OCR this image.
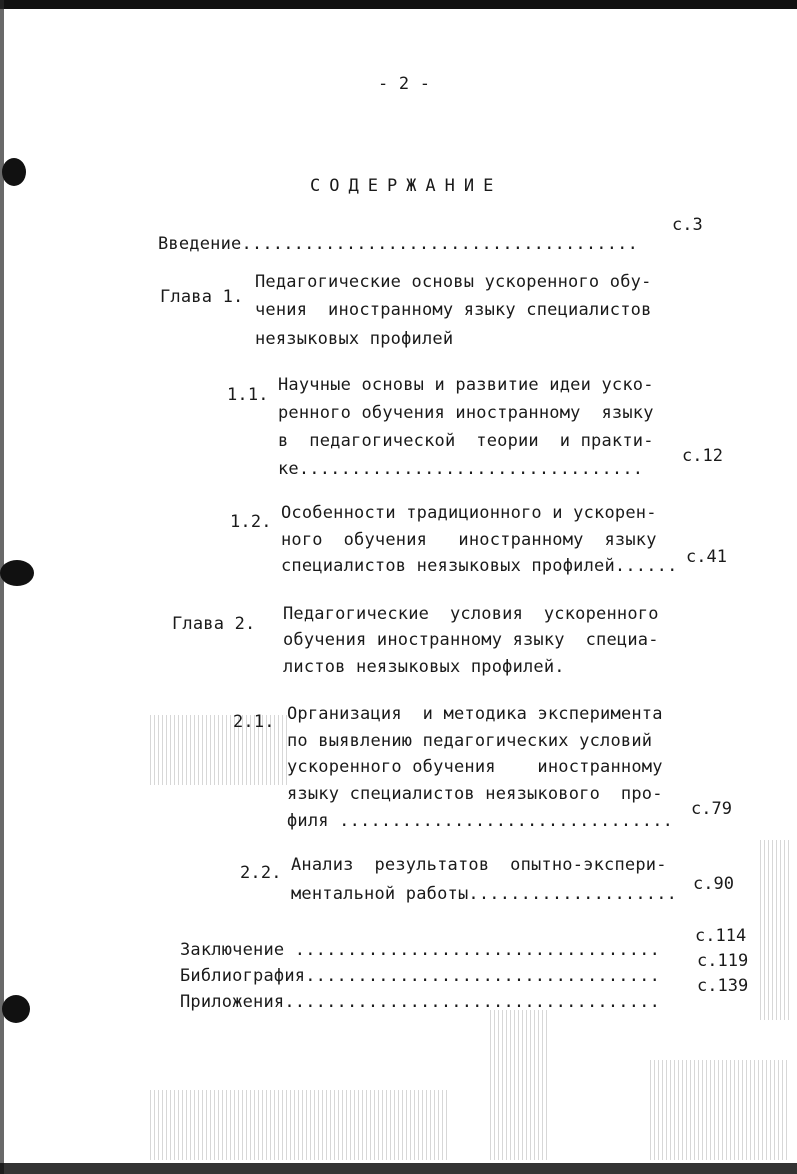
- 2 -
СОДЕРЖАНИЕ
Введение......................................
с.3
Глава 1.
Педагогические основы ускоренного обу-
чения  иностранному языку специалистов
неязыковых профилей
1.1. Научные основы и развитие идеи уско-
ренного обучения иностранному  языку
в  педагогической  теории  и практи-
ке.................................
с.12
1.2. Особенности традиционного и ускорен-
ного  обучения   иностранному  языку
специалистов неязыковых профилей...... с.41
Глава 2. Педагогические  условия  ускоренного
обучения иностранному языку  специа-
листов неязыковых профилей.
2.1. Организация  и методика эксперимента
по выявлению педагогических условий
ускоренного обучения    иностранному
языку специалистов неязыкового  про-
филя ................................
с.79
2.2. Анализ  результатов  опытно-экспери-
ментальной работы.................... с.90
Заключение ...................................
с.114
Библиография..................................
с.119
Приложения....................................
с.139
